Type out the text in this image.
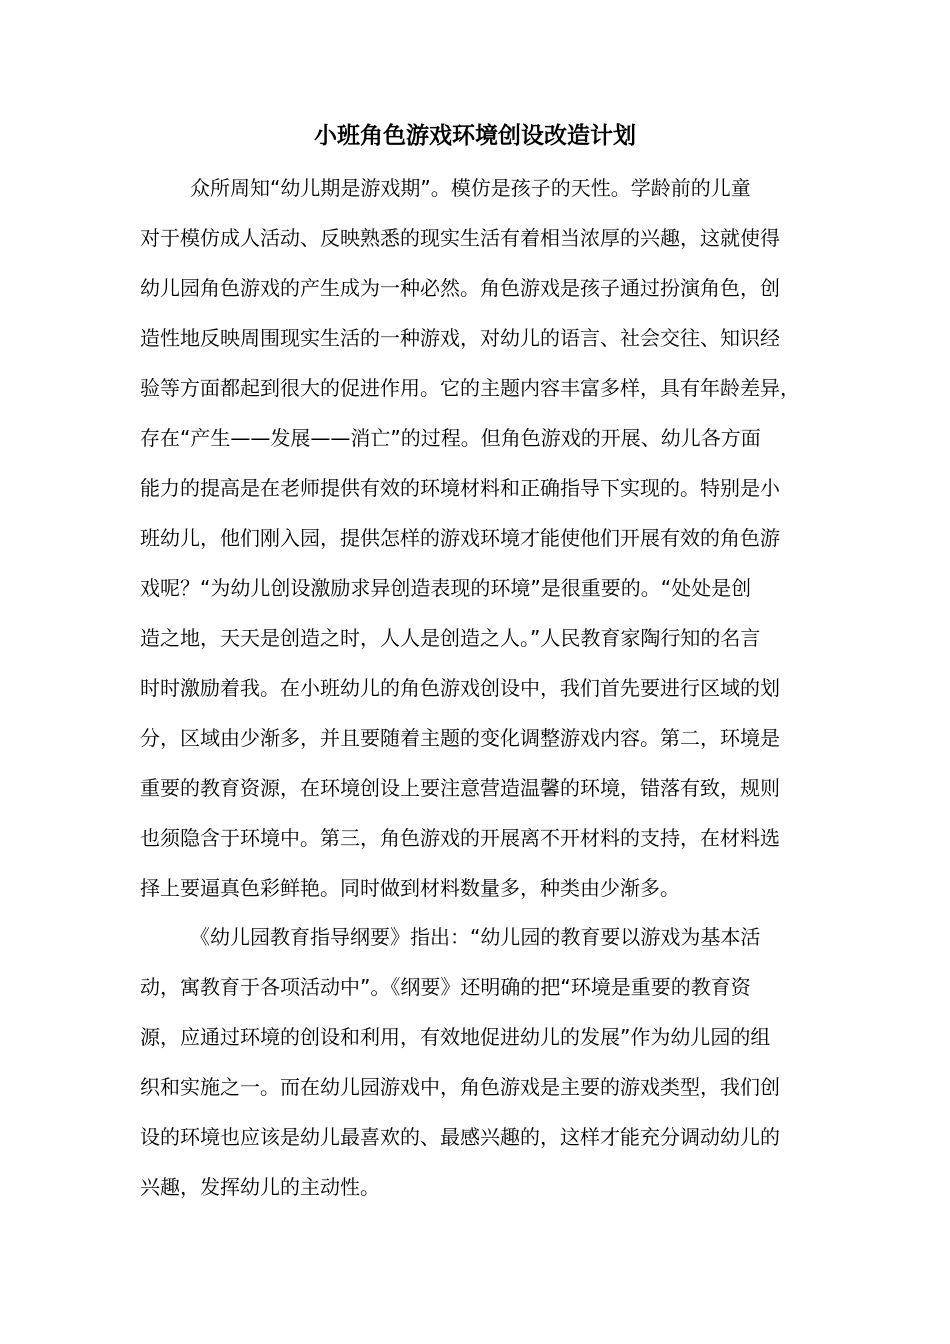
小班角色游戏环境创设改造计划
众所周知“幼儿期是游戏期”。模仿是孩子的天性。学龄前的儿童
对于模仿成人活动、反映熟悉的现实生活有着相当浓厚的兴趣，这就使得
幼儿园角色游戏的产生成为一种必然。角色游戏是孩子通过扮演角色，创
造性地反映周围现实生活的一种游戏，对幼儿的语言、社会交往、知识经
验等方面都起到很大的促进作用。它的主题内容丰富多样，具有年龄差异，
存在“产生——发展——消亡”的过程。但角色游戏的开展、幼儿各方面
能力的提高是在老师提供有效的环境材料和正确指导下实现的。特别是小
班幼儿，他们刚入园，提供怎样的游戏环境才能使他们开展有效的角色游
戏呢？“为幼儿创设激励求异创造表现的环境”是很重要的。“处处是创
造之地，天天是创造之时，人人是创造之人。”人民教育家陶行知的名言
时时激励着我。在小班幼儿的角色游戏创设中，我们首先要进行区域的划
分，区域由少渐多，并且要随着主题的变化调整游戏内容。第二，环境是
重要的教育资源，在环境创设上要注意营造温馨的环境，错落有致，规则
也须隐含于环境中。第三，角色游戏的开展离不开材料的支持，在材料选
择上要逼真色彩鲜艳。同时做到材料数量多，种类由少渐多。
《幼儿园教育指导纲要》指出：“幼儿园的教育要以游戏为基本活
动，寓教育于各项活动中”。《纲要》还明确的把“环境是重要的教育资
源，应通过环境的创设和利用，有效地促进幼儿的发展”作为幼儿园的组
织和实施之一。而在幼儿园游戏中，角色游戏是主要的游戏类型，我们创
设的环境也应该是幼儿最喜欢的、最感兴趣的，这样才能充分调动幼儿的
兴趣，发挥幼儿的主动性。
